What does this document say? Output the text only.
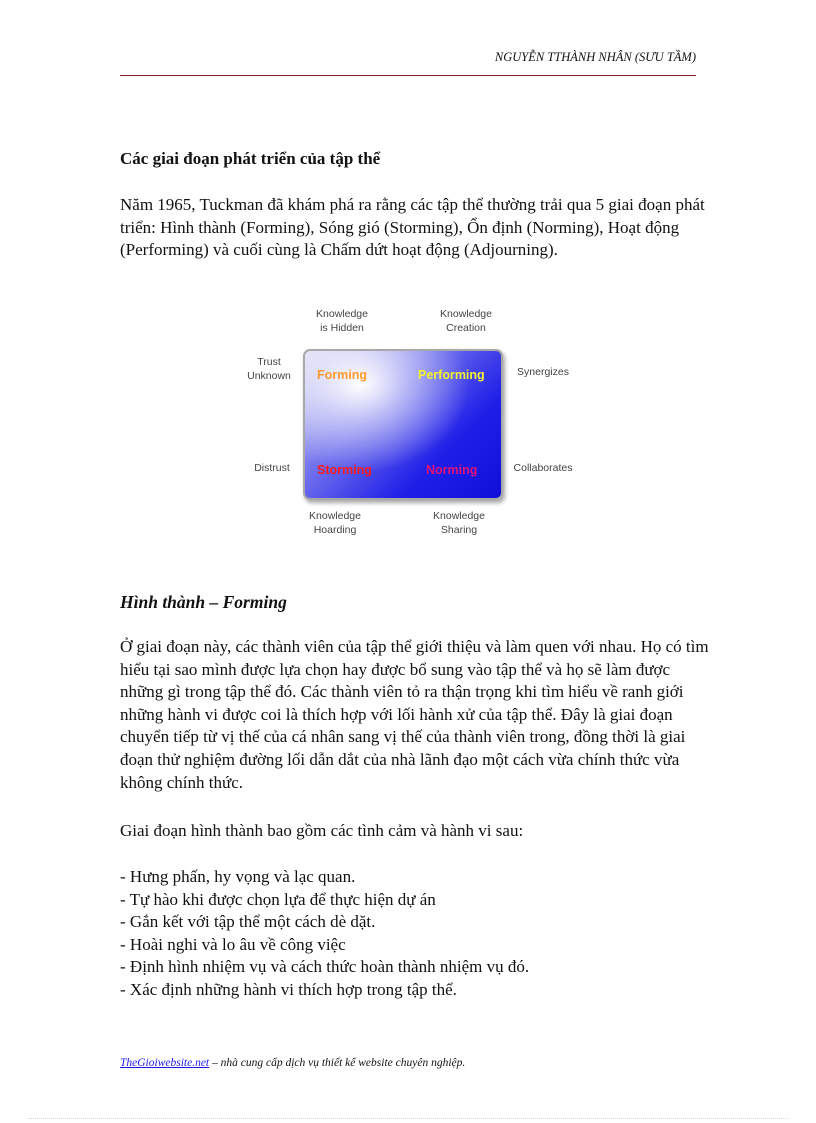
NGUYỄN TTHÀNH NHÂN (SƯU TẦM)
Các giai đoạn phát triển của tập thể

Năm 1965, Tuckman đã khám phá ra rằng các tập thể thường trải qua 5 giai đoạn phát triển: Hình thành (Forming), Sóng gió (Storming), Ổn định (Norming), Hoạt động (Performing) và cuối cùng là Chấm dứt hoạt động (Adjourning).

Knowledge
is Hidden
Knowledge
Creation
Trust
Unknown
Distrust
Synergizes
Collaborates
Knowledge
Hoarding
Knowledge
Sharing
Forming	Performing
Storming	Norming
Hình thành – Forming

Ở giai đoạn này, các thành viên của tập thể giới thiệu và làm quen với nhau. Họ có tìm hiểu tại sao mình được lựa chọn hay được bổ sung vào tập thể và họ sẽ làm được những gì trong tập thể đó. Các thành viên tỏ ra thận trọng khi tìm hiểu về ranh giới những hành vi được coi là thích hợp với lối hành xử của tập thể. Đây là giai đoạn chuyển tiếp từ vị thế của cá nhân sang vị thế của thành viên trong, đồng thời là giai đoạn thử nghiệm đường lối dẫn dắt của nhà lãnh đạo một cách vừa chính thức vừa không chính thức.

Giai đoạn hình thành bao gồm các tình cảm và hành vi sau:

- Hưng phấn, hy vọng và lạc quan.
- Tự hào khi được chọn lựa để thực hiện dự án
- Gắn kết với tập thể một cách dè dặt.
- Hoài nghi và lo âu về công việc
- Định hình nhiệm vụ và cách thức hoàn thành nhiệm vụ đó.
- Xác định những hành vi thích hợp trong tập thể.
TheGioiwebsite.net – nhà cung cấp dịch vụ thiết kế website chuyên nghiệp.
